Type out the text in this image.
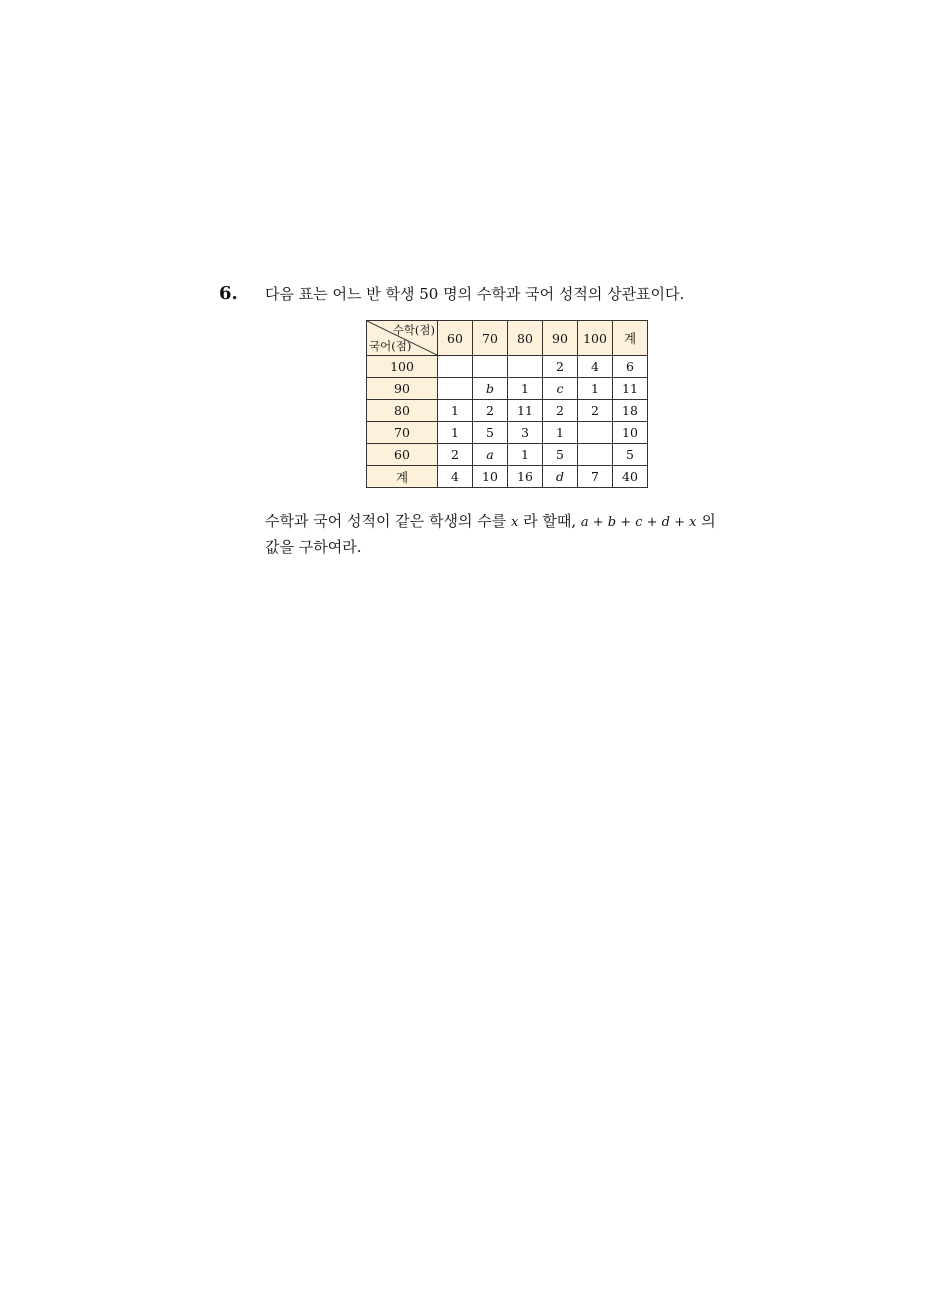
6. 다음 표는 어느 반 학생 50 명의 수학과 국어 성적의 상관표이다.
수학(점)
국어(점)	60	70	80	90	100	계
100				2	4	6
90		b	1	c	1	11
80	1	2	11	2	2	18
70	1	5	3	1		10
60	2	a	1	5		5
계	4	10	16	d	7	40
수학과 국어 성적이 같은 학생의 수를 x 라 할때, a + b + c + d + x 의
값을 구하여라.
